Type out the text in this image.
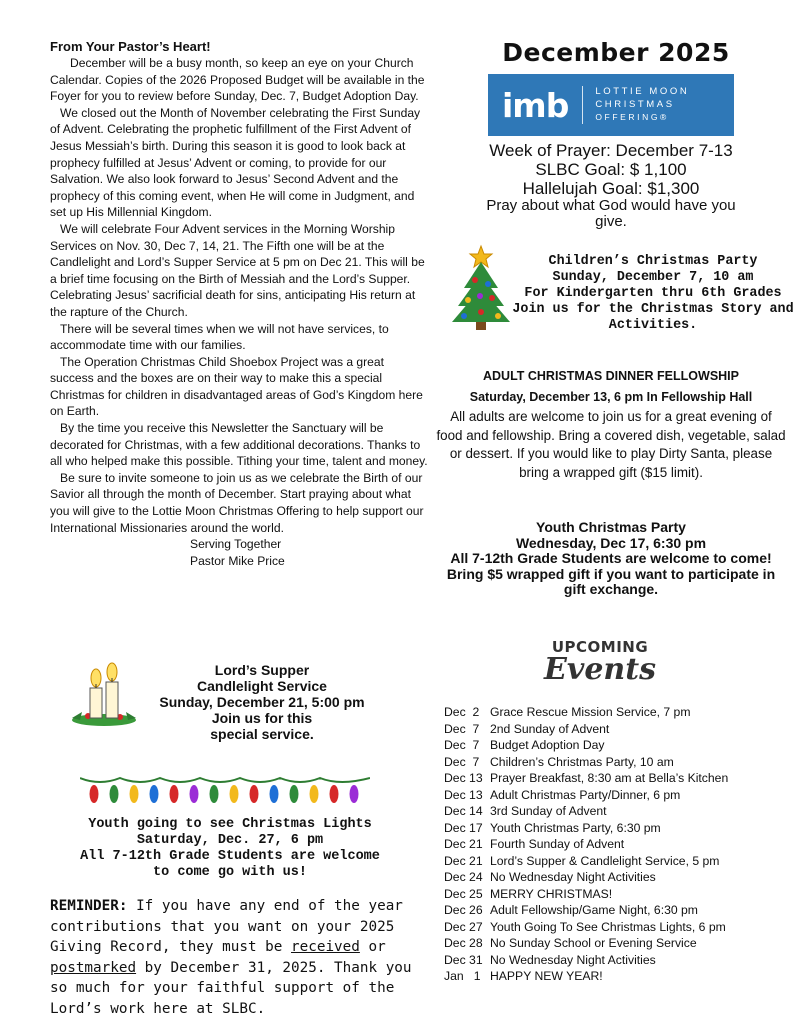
From Your Pastor’s Heart!

December will be a busy month, so keep an eye on your Church Calendar. Copies of the 2026 Proposed Budget will be available in the Foyer for you to review before Sunday, Dec. 7, Budget Adoption Day.

We closed out the Month of November celebrating the First Sunday of Advent. Celebrating the prophetic fulfillment of the First Advent of Jesus Messiah’s birth. During this season it is good to look back at prophecy fulfilled at Jesus’ Advent or coming, to provide for our Salvation. We also look forward to Jesus’ Second Advent and the prophecy of this coming event, when He will come in Judgment, and set up His Millennial Kingdom.

We will celebrate Four Advent services in the Morning Worship Services on Nov. 30, Dec 7, 14, 21. The Fifth one will be at the Candlelight and Lord’s Supper Service at 5 pm on Dec 21. This will be a brief time focusing on the Birth of Messiah and the Lord’s Supper. Celebrating Jesus’ sacrificial death for sins, anticipating His return at the rapture of the Church.

There will be several times when we will not have services, to accommodate time with our families.

The Operation Christmas Child Shoebox Project was a great success and the boxes are on their way to make this a special Christmas for children in disadvantaged areas of God’s Kingdom here on Earth.

By the time you receive this Newsletter the Sanctuary will be decorated for Christmas, with a few additional decorations. Thanks to all who helped make this possible. Tithing your time, talent and money.

Be sure to invite someone to join us as we celebrate the Birth of our Savior all through the month of December. Start praying about what you will give to the Lottie Moon Christmas Offering to help support our International Missionaries around the world.

Serving Together
Pastor Mike Price
December 2025
imb	LOTTIE MOON
CHRISTMAS
OFFERING®
Week of Prayer: December 7-13
SLBC Goal: $ 1,100
Hallelujah Goal: $1,300
Pray about what God would have you give.
Children’s Christmas Party
Sunday, December 7, 10 am
For Kindergarten thru 6th Grades
Join us for the Christmas Story and Activities.
ADULT CHRISTMAS DINNER FELLOWSHIP
Saturday, December 13, 6 pm In Fellowship Hall
All adults are welcome to join us for a great evening of food and fellowship. Bring a covered dish, vegetable, salad or dessert. If you would like to play Dirty Santa, please bring a wrapped gift ($15 limit).
Youth Christmas Party
Wednesday, Dec 17, 6:30 pm
All 7-12th Grade Students are welcome to come! Bring $5 wrapped gift if you want to participate in gift exchange.
UPCOMING
Events
Dec  2 Grace Rescue Mission Service, 7 pm
Dec  7 2nd Sunday of Advent
Dec  7 Budget Adoption Day
Dec  7 Children’s Christmas Party, 10 am
Dec 13 Prayer Breakfast, 8:30 am at Bella’s Kitchen
Dec 13 Adult Christmas Party/Dinner, 6 pm
Dec 14 3rd Sunday of Advent
Dec 17 Youth Christmas Party, 6:30 pm
Dec 21 Fourth Sunday of Advent
Dec 21 Lord’s Supper & Candlelight Service, 5 pm
Dec 24 No Wednesday Night Activities
Dec 25 MERRY CHRISTMAS!
Dec 26 Adult Fellowship/Game Night, 6:30 pm
Dec 27 Youth Going To See Christmas Lights, 6 pm
Dec 28 No Sunday School or Evening Service
Dec 31 No Wednesday Night Activities
Jan   1 HAPPY NEW YEAR!
Lord’s Supper
Candlelight Service
Sunday, December 21, 5:00 pm
Join us for this
special service.
Youth going to see Christmas Lights
Saturday, Dec. 27, 6 pm
All 7-12th Grade Students are welcome
to come go with us!
REMINDER: If you have any end of the year contributions that you want on your 2025 Giving Record, they must be received or postmarked by December 31, 2025. Thank you so much for your faithful support of the Lord’s work here at SLBC.
